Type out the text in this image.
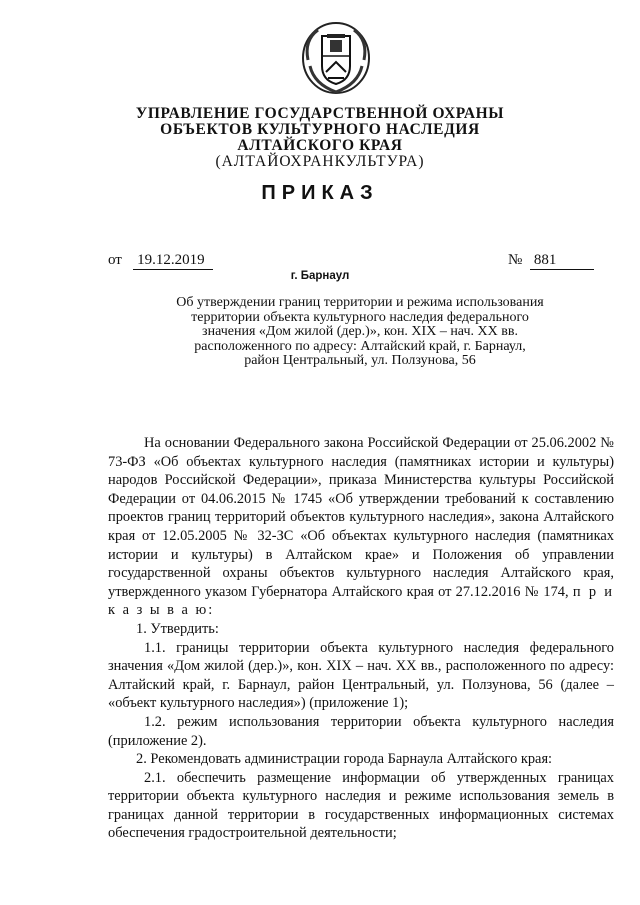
УПРАВЛЕНИЕ ГОСУДАРСТВЕННОЙ ОХРАНЫ
ОБЪЕКТОВ КУЛЬТУРНОГО НАСЛЕДИЯ
АЛТАЙСКОГО КРАЯ
(АЛТАЙОХРАНКУЛЬТУРА)
ПРИКАЗ
от 19.12.2019	№ 881
г. Барнаул
Об утверждении границ территории и режима использования
территории объекта культурного наследия федерального
значения «Дом жилой (дер.)», кон. XIX – нач. XX вв.
расположенного по адресу: Алтайский край, г. Барнаул,
район Центральный, ул. Ползунова, 56

На основании Федерального закона Российской Федерации от 25.06.2002 № 73-ФЗ «Об объектах культурного наследия (памятниках истории и культуры) народов Российской Федерации», приказа Министерства культуры Российской Федерации от 04.06.2015 № 1745 «Об утверждении требований к составлению проектов границ территорий объектов культурного наследия», закона Алтайского края от 12.05.2005 № 32-ЗС «Об объектах культурного наследия (памятниках истории и культуры) в Алтайском крае» и Положения об управлении государственной охраны объектов культурного наследия Алтайского края, утвержденного указом Губернатора Алтайского края от 27.12.2016 № 174, п р и к а з ы в а ю:

1. Утвердить:

1.1. границы территории объекта культурного наследия федерального значения «Дом жилой (дер.)», кон. XIX – нач. XX вв., расположенного по адресу: Алтайский край, г. Барнаул, район Центральный, ул. Ползунова, 56 (далее – «объект культурного наследия») (приложение 1);

1.2. режим использования территории объекта культурного наследия (приложение 2).

2. Рекомендовать администрации города Барнаула Алтайского края:

2.1. обеспечить размещение информации об утвержденных границах территории объекта культурного наследия и режиме использования земель в границах данной территории в государственных информационных системах обеспечения градостроительной деятельности;
